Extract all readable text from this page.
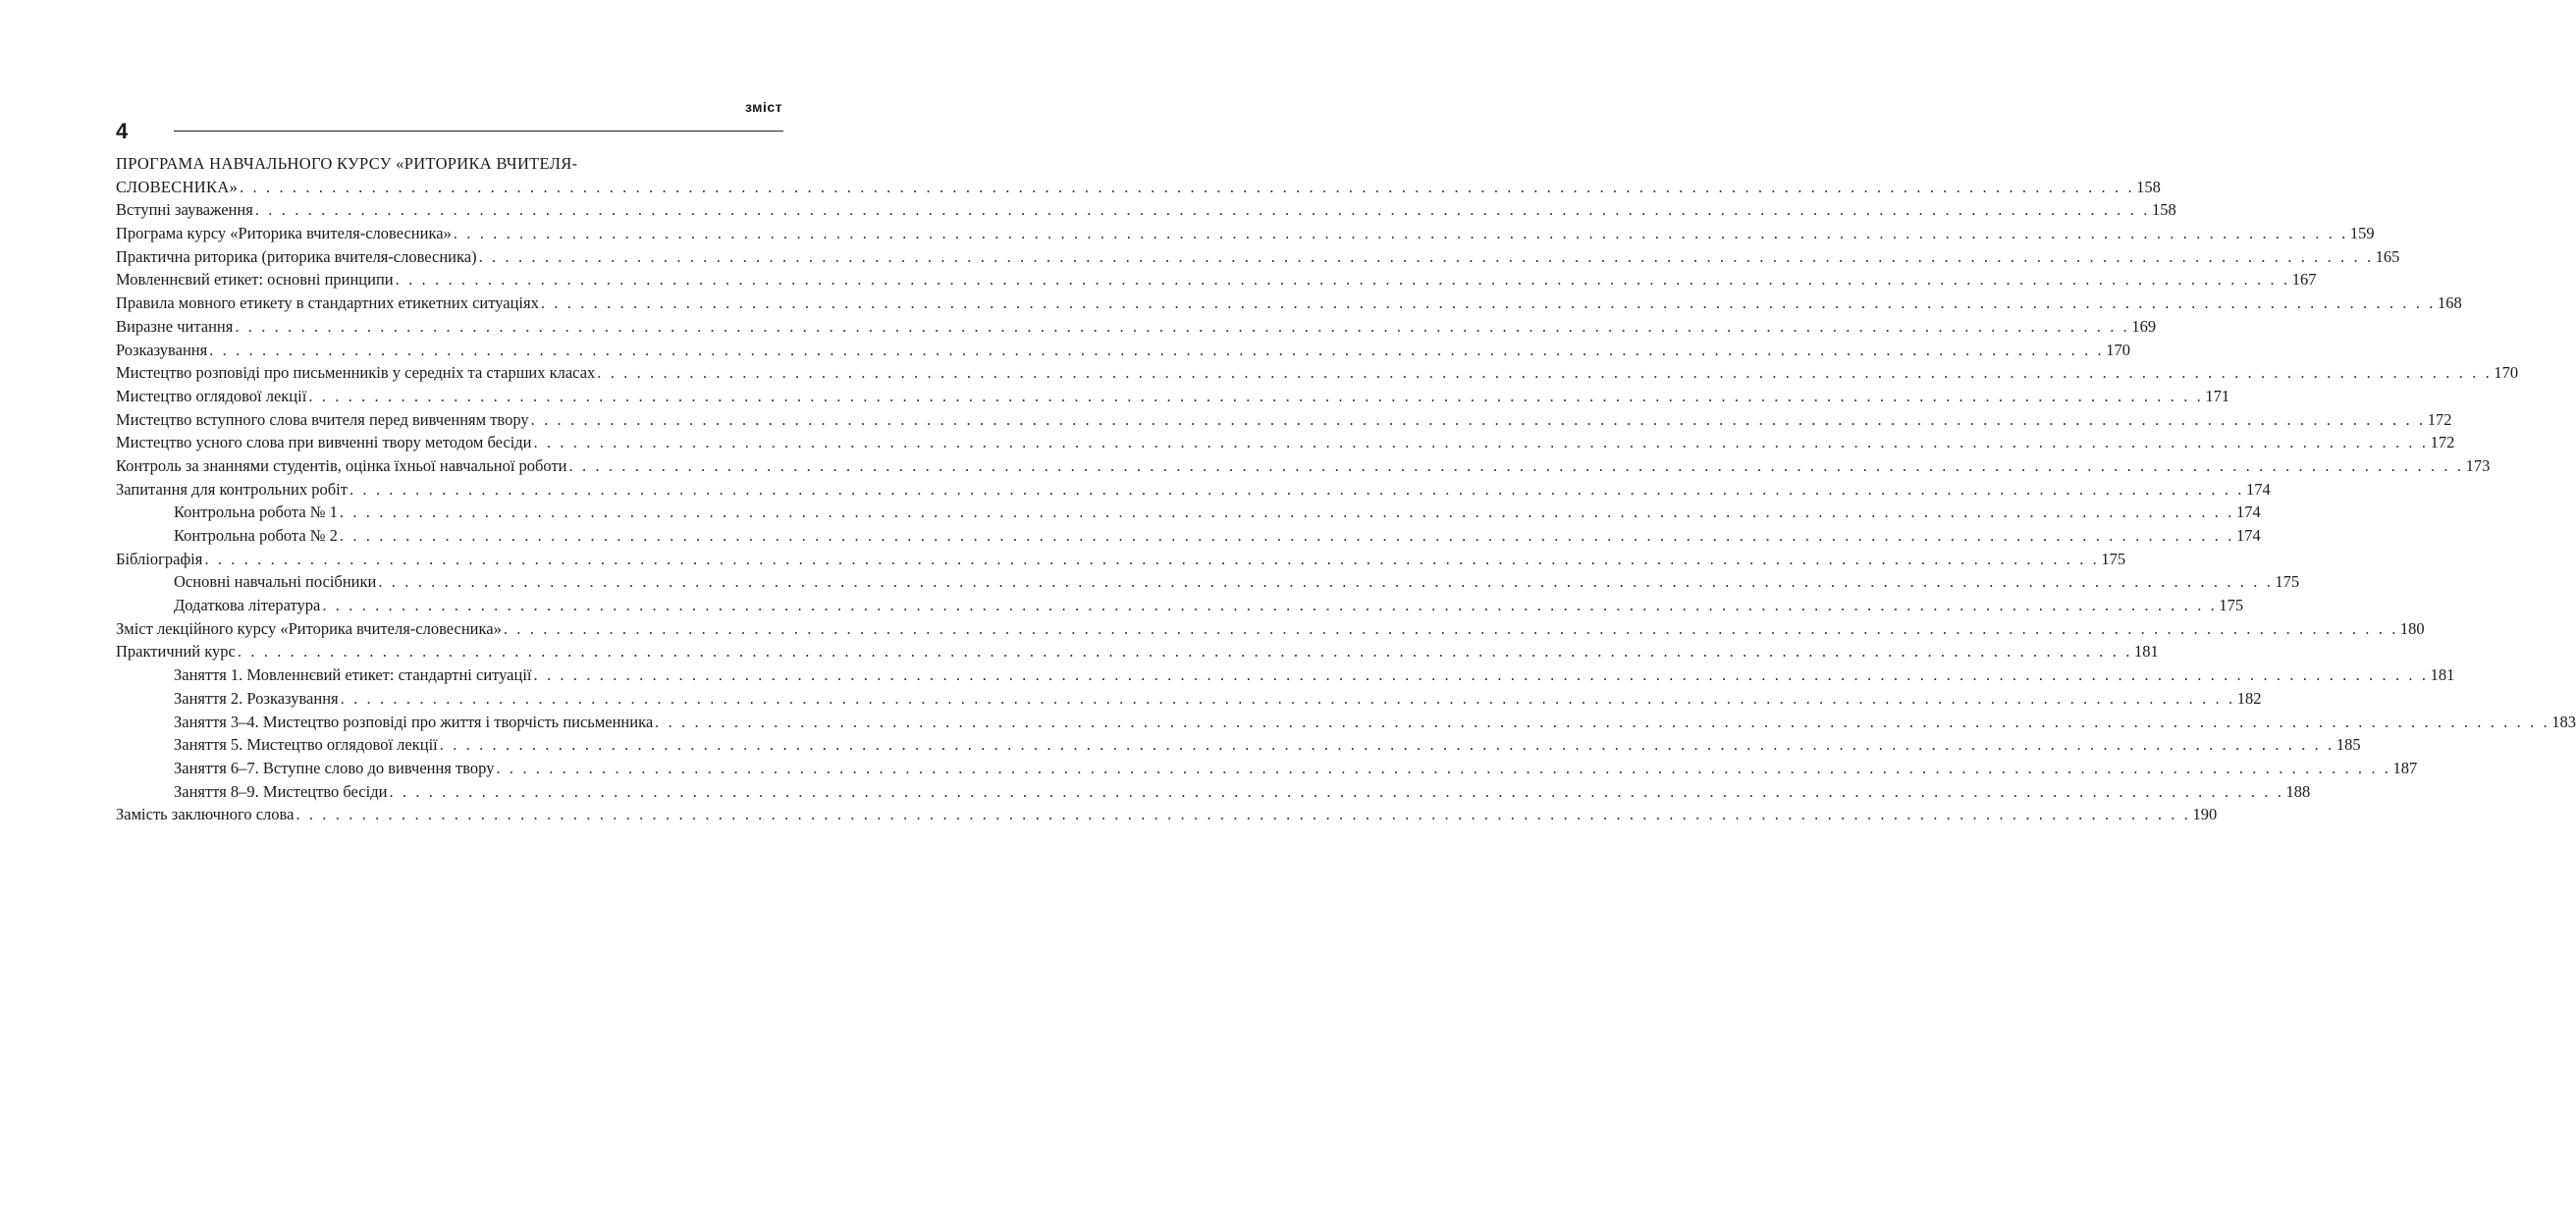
4
зміст
ПРОГРАМА НАВЧАЛЬНОГО КУРСУ «РИТОРИКА ВЧИТЕЛЯ-
СЛОВЕСНИКА» . . .	158
Вступні зауваження . . .	158
Програма курсу «Риторика вчителя-словесника» . . .	159
Практична риторика (риторика вчителя-словесника) . . .	165
Мовленнєвий етикет: основні принципи . . .	167
Правила мовного етикету в стандартних етикетних ситуаціях . . .	168
Виразне читання . . .	169
Розказування . . .	170
Мистецтво розповіді про письменників у середніх та старших класах . . .	170
Мистецтво оглядової лекції . . .	171
Мистецтво вступного слова вчителя перед вивченням твору . . .	172
Мистецтво усного слова при вивченні твору методом бесіди . . .	172
Контроль за знаннями студентів, оцінка їхньої навчальної роботи . . .	173
Запитання для контрольних робіт . . .	174
Контрольна робота № 1 . . .	174
Контрольна робота № 2 . . .	174
Бібліографія . . .	175
Основні навчальні посібники . . .	175
Додаткова література . . .	175
Зміст лекційного курсу «Риторика вчителя-словесника» . . .	180
Практичний курс . . .	181
Заняття 1. Мовленнєвий етикет: стандартні ситуації . . .	181
Заняття 2. Розказування . . .	182
Заняття 3–4. Мистецтво розповіді про життя і творчість письменника . . .	183
Заняття 5. Мистецтво оглядової лекції . . .	185
Заняття 6–7. Вступне слово до вивчення твору . . .	187
Заняття 8–9. Мистецтво бесіди . . .	188
Замість заключного слова . . .	190
